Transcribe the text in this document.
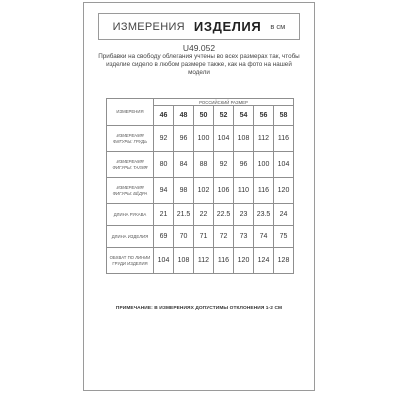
ИЗМЕРЕНИЯ ИЗДЕЛИЯ в см
U49.052
Прибавки на свободу облегания учтены во всех размерах так, чтобы изделие сидело в любом размере также, как на фото на нашей модели
ИЗМЕРЕНИЯ	РОССИЙСКИЙ РАЗМЕР						
	46	48	50	52	54	56	58
ИЗМЕРЕНИЯ ФИГУРЫ: ГРУДЬ	92	96	100	104	108	112	116
ИЗМЕРЕНИЯ ФИГУРЫ: ТАЛИЯ	80	84	88	92	96	100	104
ИЗМЕРЕНИЯ ФИГУРЫ: БЁДРА	94	98	102	106	110	116	120
ДЛИНА РУКАВА	21	21.5	22	22.5	23	23.5	24
ДЛИНА ИЗДЕЛИЯ	69	70	71	72	73	74	75
ОБХВАТ ПО ЛИНИИ ГРУДИ ИЗДЕЛИЯ	104	108	112	116	120	124	128
ПРИМЕЧАНИЕ: В ИЗМЕРЕНИЯХ ДОПУСТИМЫ ОТКЛОНЕНИЯ 1-2 СМ
